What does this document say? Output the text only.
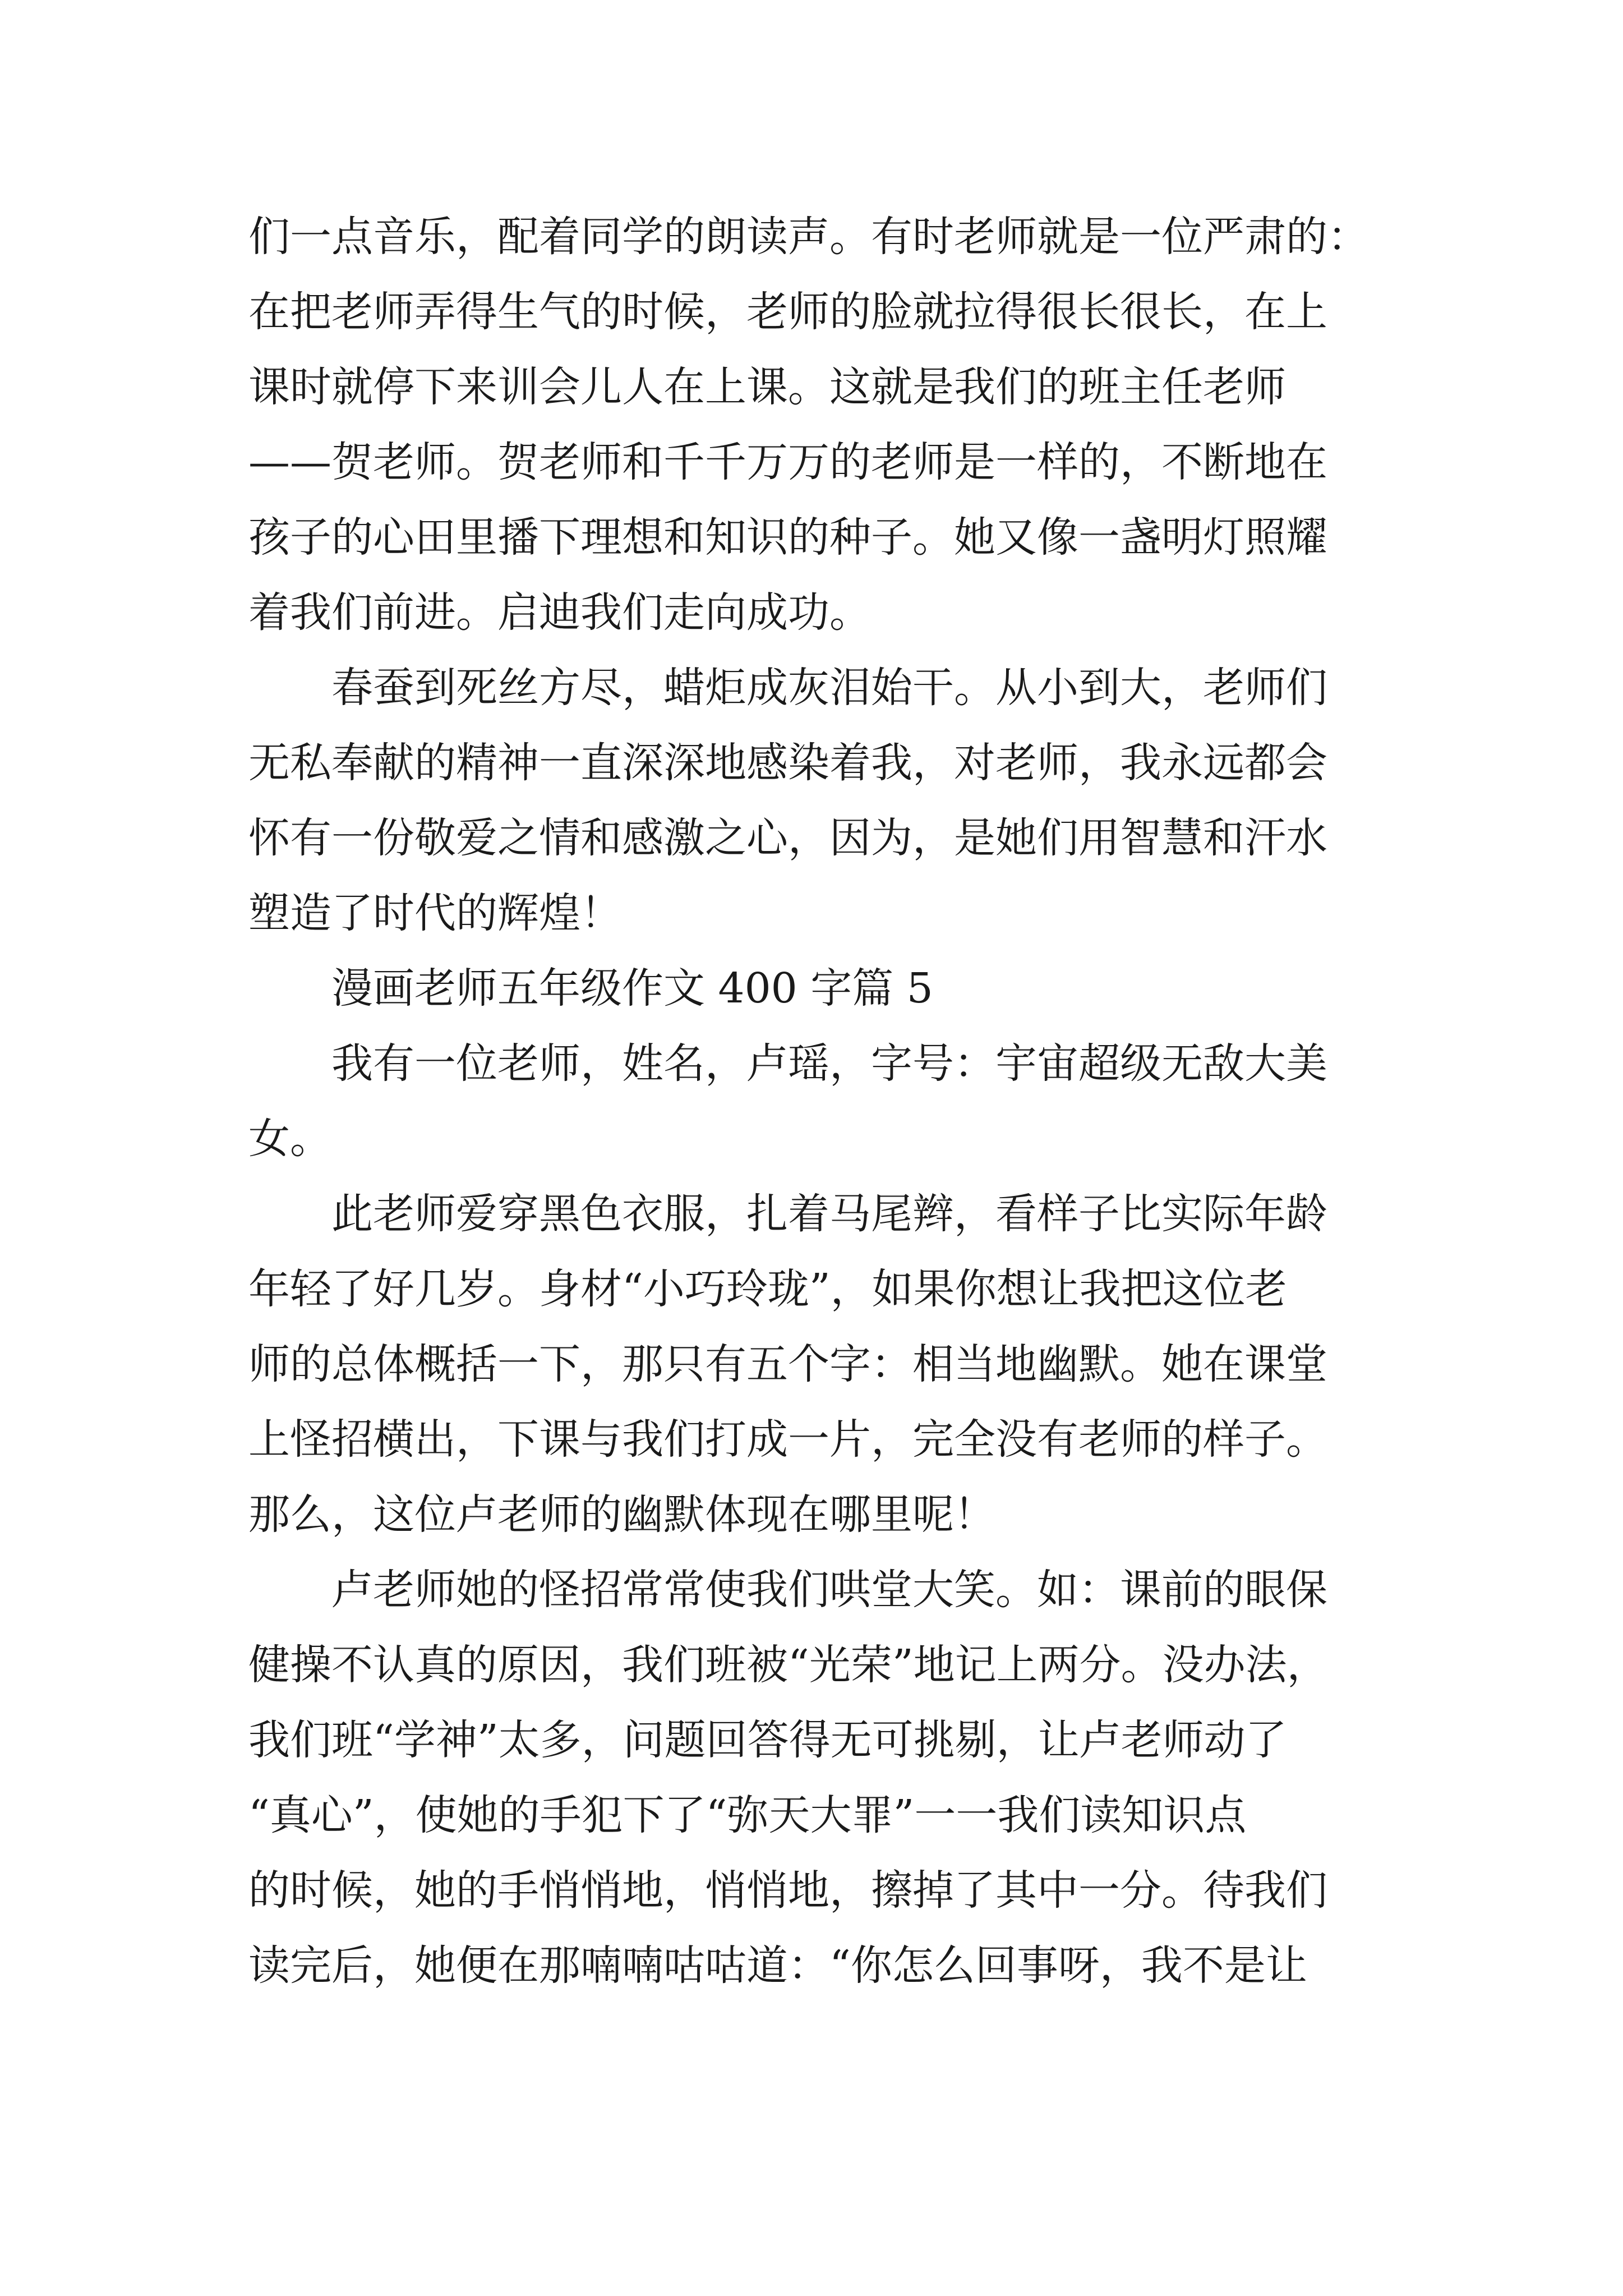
们一点音乐，配着同学的朗读声。有时老师就是一位严肃的：

在把老师弄得生气的时候，老师的脸就拉得很长很长，在上

课时就停下来训会儿人在上课。这就是我们的班主任老师

——贺老师。贺老师和千千万万的老师是一样的，不断地在

孩子的心田里播下理想和知识的种子。她又像一盏明灯照耀

着我们前进。启迪我们走向成功。

春蚕到死丝方尽，蜡炬成灰泪始干。从小到大，老师们

无私奉献的精神一直深深地感染着我，对老师，我永远都会

怀有一份敬爱之情和感激之心，因为，是她们用智慧和汗水

塑造了时代的辉煌！

漫画老师五年级作文 400 字篇 5

我有一位老师，姓名，卢瑶，字号：宇宙超级无敌大美

女。

此老师爱穿黑色衣服，扎着马尾辫，看样子比实际年龄

年轻了好几岁。身材“小巧玲珑”，如果你想让我把这位老

师的总体概括一下，那只有五个字：相当地幽默。她在课堂

上怪招横出，下课与我们打成一片，完全没有老师的样子。

那么，这位卢老师的幽默体现在哪里呢！

卢老师她的怪招常常使我们哄堂大笑。如：课前的眼保

健操不认真的原因，我们班被“光荣”地记上两分。没办法，

我们班“学神”太多，问题回答得无可挑剔，让卢老师动了

“真心”，使她的手犯下了“弥天大罪”一一我们读知识点

的时候，她的手悄悄地，悄悄地，擦掉了其中一分。待我们

读完后，她便在那喃喃咕咕道：“你怎么回事呀，我不是让
